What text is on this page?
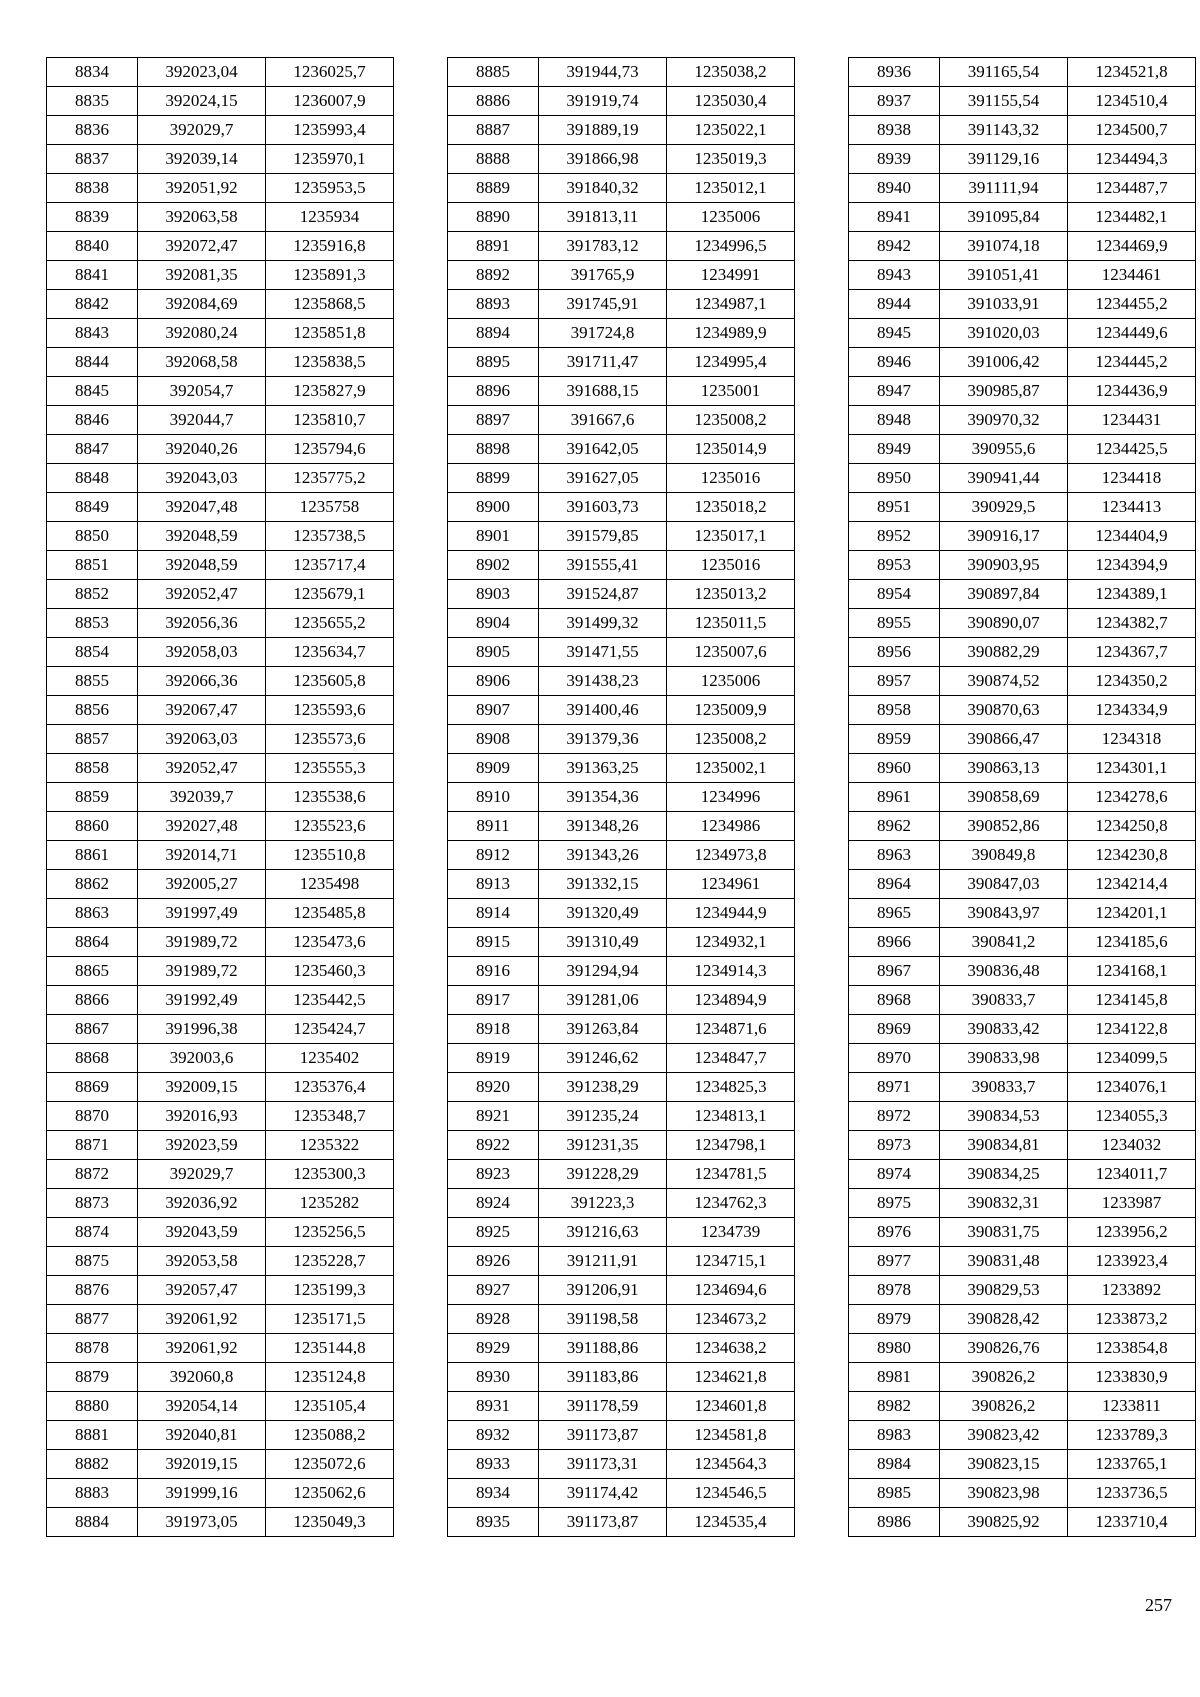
8834	392023,04	1236025,7
8835	392024,15	1236007,9
8836	392029,7	1235993,4
8837	392039,14	1235970,1
8838	392051,92	1235953,5
8839	392063,58	1235934
8840	392072,47	1235916,8
8841	392081,35	1235891,3
8842	392084,69	1235868,5
8843	392080,24	1235851,8
8844	392068,58	1235838,5
8845	392054,7	1235827,9
8846	392044,7	1235810,7
8847	392040,26	1235794,6
8848	392043,03	1235775,2
8849	392047,48	1235758
8850	392048,59	1235738,5
8851	392048,59	1235717,4
8852	392052,47	1235679,1
8853	392056,36	1235655,2
8854	392058,03	1235634,7
8855	392066,36	1235605,8
8856	392067,47	1235593,6
8857	392063,03	1235573,6
8858	392052,47	1235555,3
8859	392039,7	1235538,6
8860	392027,48	1235523,6
8861	392014,71	1235510,8
8862	392005,27	1235498
8863	391997,49	1235485,8
8864	391989,72	1235473,6
8865	391989,72	1235460,3
8866	391992,49	1235442,5
8867	391996,38	1235424,7
8868	392003,6	1235402
8869	392009,15	1235376,4
8870	392016,93	1235348,7
8871	392023,59	1235322
8872	392029,7	1235300,3
8873	392036,92	1235282
8874	392043,59	1235256,5
8875	392053,58	1235228,7
8876	392057,47	1235199,3
8877	392061,92	1235171,5
8878	392061,92	1235144,8
8879	392060,8	1235124,8
8880	392054,14	1235105,4
8881	392040,81	1235088,2
8882	392019,15	1235072,6
8883	391999,16	1235062,6
8884	391973,05	1235049,3
8885	391944,73	1235038,2
8886	391919,74	1235030,4
8887	391889,19	1235022,1
8888	391866,98	1235019,3
8889	391840,32	1235012,1
8890	391813,11	1235006
8891	391783,12	1234996,5
8892	391765,9	1234991
8893	391745,91	1234987,1
8894	391724,8	1234989,9
8895	391711,47	1234995,4
8896	391688,15	1235001
8897	391667,6	1235008,2
8898	391642,05	1235014,9
8899	391627,05	1235016
8900	391603,73	1235018,2
8901	391579,85	1235017,1
8902	391555,41	1235016
8903	391524,87	1235013,2
8904	391499,32	1235011,5
8905	391471,55	1235007,6
8906	391438,23	1235006
8907	391400,46	1235009,9
8908	391379,36	1235008,2
8909	391363,25	1235002,1
8910	391354,36	1234996
8911	391348,26	1234986
8912	391343,26	1234973,8
8913	391332,15	1234961
8914	391320,49	1234944,9
8915	391310,49	1234932,1
8916	391294,94	1234914,3
8917	391281,06	1234894,9
8918	391263,84	1234871,6
8919	391246,62	1234847,7
8920	391238,29	1234825,3
8921	391235,24	1234813,1
8922	391231,35	1234798,1
8923	391228,29	1234781,5
8924	391223,3	1234762,3
8925	391216,63	1234739
8926	391211,91	1234715,1
8927	391206,91	1234694,6
8928	391198,58	1234673,2
8929	391188,86	1234638,2
8930	391183,86	1234621,8
8931	391178,59	1234601,8
8932	391173,87	1234581,8
8933	391173,31	1234564,3
8934	391174,42	1234546,5
8935	391173,87	1234535,4
8936	391165,54	1234521,8
8937	391155,54	1234510,4
8938	391143,32	1234500,7
8939	391129,16	1234494,3
8940	391111,94	1234487,7
8941	391095,84	1234482,1
8942	391074,18	1234469,9
8943	391051,41	1234461
8944	391033,91	1234455,2
8945	391020,03	1234449,6
8946	391006,42	1234445,2
8947	390985,87	1234436,9
8948	390970,32	1234431
8949	390955,6	1234425,5
8950	390941,44	1234418
8951	390929,5	1234413
8952	390916,17	1234404,9
8953	390903,95	1234394,9
8954	390897,84	1234389,1
8955	390890,07	1234382,7
8956	390882,29	1234367,7
8957	390874,52	1234350,2
8958	390870,63	1234334,9
8959	390866,47	1234318
8960	390863,13	1234301,1
8961	390858,69	1234278,6
8962	390852,86	1234250,8
8963	390849,8	1234230,8
8964	390847,03	1234214,4
8965	390843,97	1234201,1
8966	390841,2	1234185,6
8967	390836,48	1234168,1
8968	390833,7	1234145,8
8969	390833,42	1234122,8
8970	390833,98	1234099,5
8971	390833,7	1234076,1
8972	390834,53	1234055,3
8973	390834,81	1234032
8974	390834,25	1234011,7
8975	390832,31	1233987
8976	390831,75	1233956,2
8977	390831,48	1233923,4
8978	390829,53	1233892
8979	390828,42	1233873,2
8980	390826,76	1233854,8
8981	390826,2	1233830,9
8982	390826,2	1233811
8983	390823,42	1233789,3
8984	390823,15	1233765,1
8985	390823,98	1233736,5
8986	390825,92	1233710,4
257
